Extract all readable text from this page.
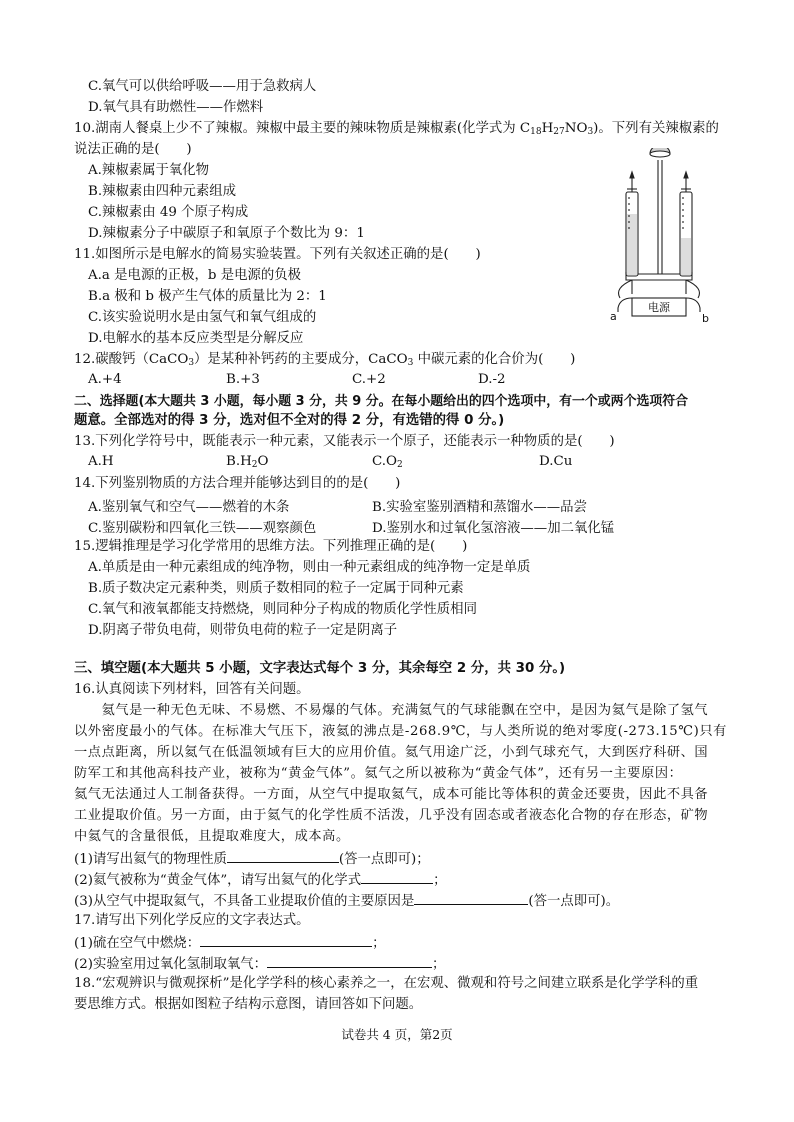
C.氧气可以供给呼吸——用于急救病人
D.氧气具有助燃性——作燃料
10.湖南人餐桌上少不了辣椒。辣椒中最主要的辣味物质是辣椒素(化学式为 $C_{18}H_{27}NO_3$)。下列有关辣椒素的
说法正确的是(　　)
A.辣椒素属于氧化物
B.辣椒素由四种元素组成
C.辣椒素由 49 个原子构成
D.辣椒素分子中碳原子和氧原子个数比为 9：1
11.如图所示是电解水的简易实验装置。下列有关叙述正确的是(　　)
A.a 是电源的正极，b 是电源的负极
B.a 极和 b 极产生气体的质量比为 2：1
C.该实验说明水是由氢气和氧气组成的
D.电解水的基本反应类型是分解反应
12.碳酸钙（CaCO$_3$）是某种补钙药的主要成分，CaCO$_3$ 中碳元素的化合价为(　　)
A.+4	B.+3	C.+2	D.-2
二、选择题(本大题共 3 小题，每小题 3 分，共 9 分。在每小题给出的四个选项中，有一个或两个选项符合
题意。全部选对的得 3 分，选对但不全对的得 2 分，有选错的得 0 分。)
13.下列化学符号中，既能表示一种元素，又能表示一个原子，还能表示一种物质的是(　　)
A.H	$B.H_2O$	$C.O_2$	D.Cu
14.下列鉴别物质的方法合理并能够达到目的的是(　　)
A.鉴别氧气和空气——燃着的木条	B.实验室鉴别酒精和蒸馏水——品尝
C.鉴别碳粉和四氧化三铁——观察颜色	D.鉴别水和过氧化氢溶液——加二氧化锰
15.逻辑推理是学习化学常用的思维方法。下列推理正确的是(　　)
A.单质是由一种元素组成的纯净物，则由一种元素组成的纯净物一定是单质
B.质子数决定元素种类，则质子数相同的粒子一定属于同种元素
C.氧气和液氧都能支持燃烧，则同种分子构成的物质化学性质相同
D.阴离子带负电荷，则带负电荷的粒子一定是阴离子
三、填空题(本大题共 5 小题，文字表达式每个 3 分，其余每空 2 分，共 30 分。)
16.认真阅读下列材料，回答有关问题。
　　氦气是一种无色无味、不易燃、不易爆的气体。充满氦气的气球能飘在空中，是因为氦气是除了氢气
以外密度最小的气体。在标准大气压下，液氦的沸点是-268.9℃，与人类所说的绝对零度(-273.15℃)只有
一点点距离，所以氦气在低温领域有巨大的应用价值。氦气用途广泛，小到气球充气，大到医疗科研、国
防军工和其他高科技产业，被称为“黄金气体”。氦气之所以被称为“黄金气体”，还有另一主要原因：
氦气无法通过人工制备获得。一方面，从空气中提取氦气，成本可能比等体积的黄金还要贵，因此不具备
工业提取价值。另一方面，由于氦气的化学性质不活泼，几乎没有固态或者液态化合物的存在形态，矿物
中氦气的含量很低，且提取难度大，成本高。
(1)请写出氦气的物理性质	(答一点即可)；
(2)氦气被称为“黄金气体”，请写出氦气的化学式	；
(3)从空气中提取氦气，不具备工业提取价值的主要原因是	(答一点即可)。
17.请写出下列化学反应的文字表达式。
(1)硫在空气中燃烧：	；
(2)实验室用过氧化氢制取氧气：	；
18.“宏观辨识与微观探析”是化学学科的核心素养之一，在宏观、微观和符号之间建立联系是化学学科的重
要思维方式。根据如图粒子结构示意图，请回答如下问题。
试卷共 4 页，第2页
电源
a	b
